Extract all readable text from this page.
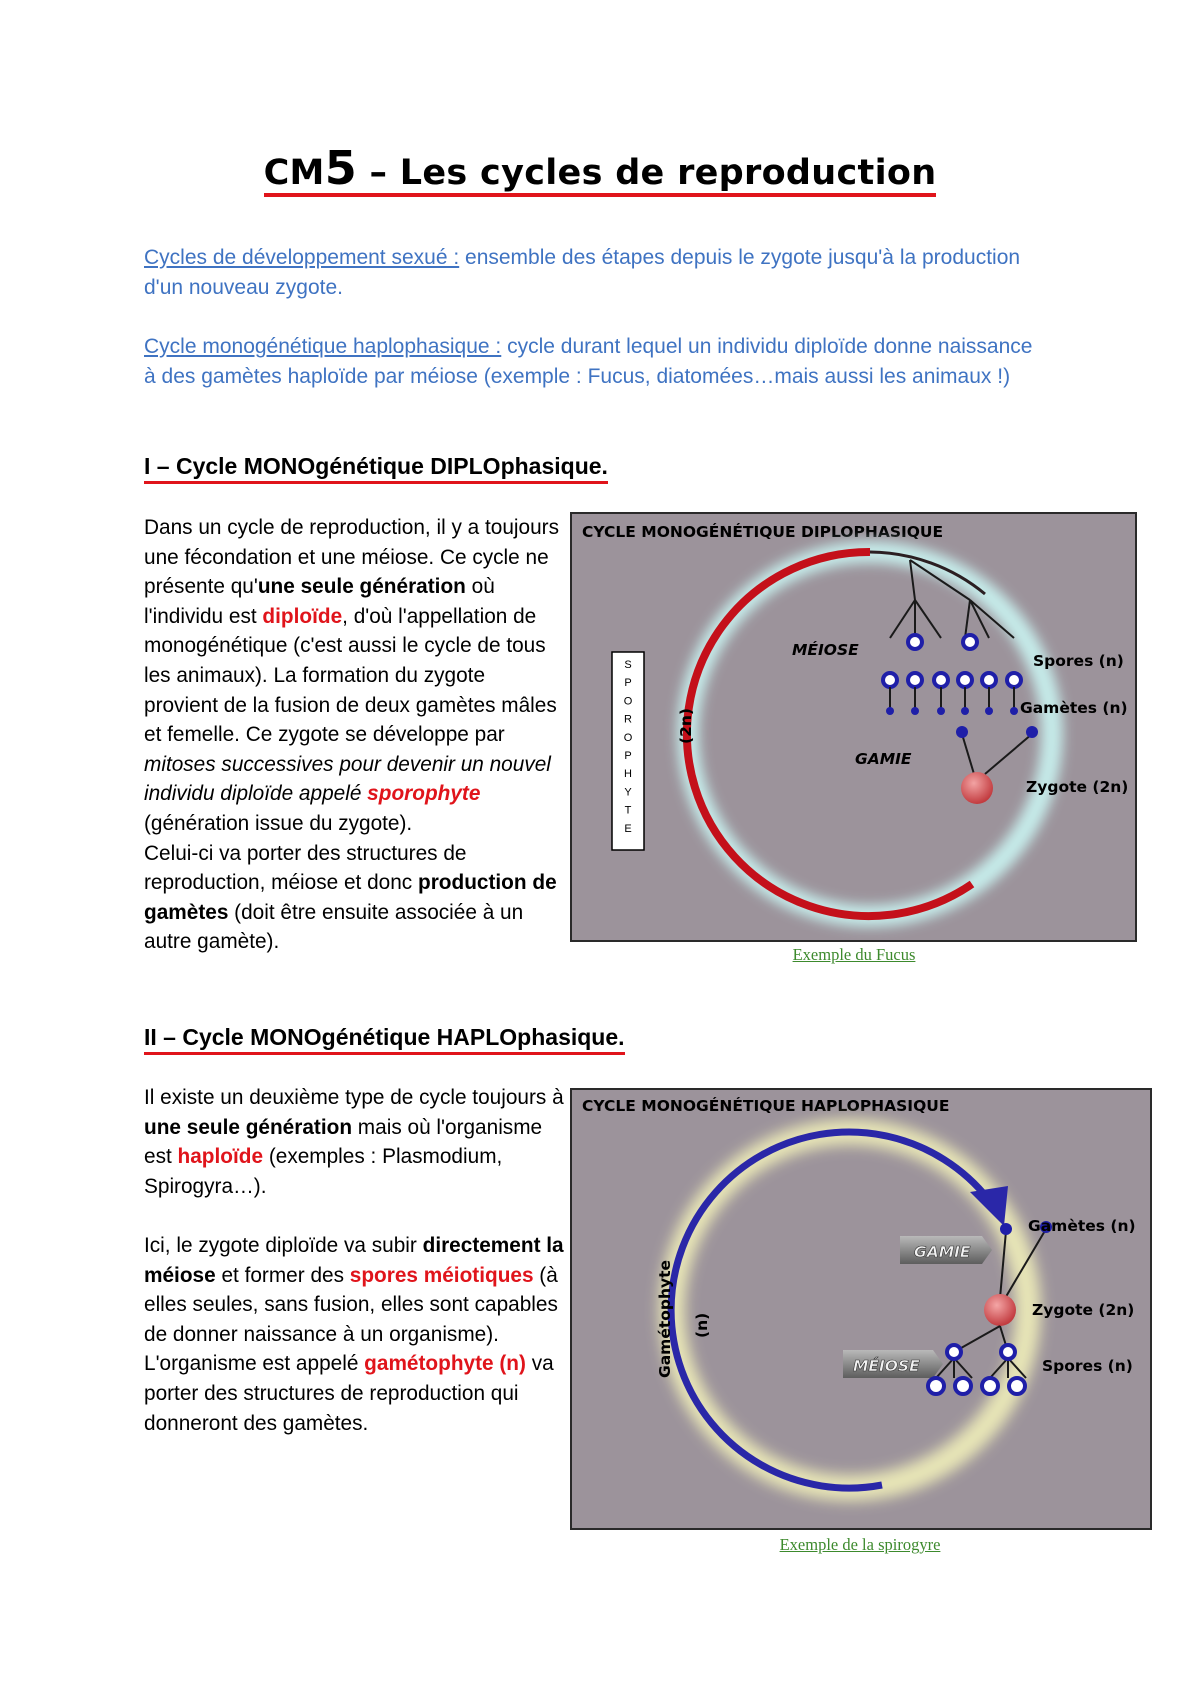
CM5 – Les cycles de reproduction
Cycles de développement sexué : ensemble des étapes depuis le zygote jusqu'à la production d'un nouveau zygote.
Cycle monogénétique haplophasique : cycle durant lequel un individu diploïde donne naissance à des gamètes haploïde par méiose (exemple : Fucus, diatomées…mais aussi les animaux !)
I – Cycle MONOgénétique DIPLOphasique.

Dans un cycle de reproduction, il y a toujours une fécondation et une méiose. Ce cycle ne présente qu'une seule génération où l'individu est diploïde, d'où l'appellation de monogénétique (c'est aussi le cycle de tous les animaux). La formation du zygote provient de la fusion de deux gamètes mâles et femelle. Ce zygote se développe par mitoses successives pour devenir un nouvel individu diploïde appelé sporophyte (génération issue du zygote).
Celui-ci va porter des structures de reproduction, méiose et donc production de gamètes (doit être ensuite associée à un autre gamète).

CYCLE MONOGÉNÉTIQUE DIPLOPHASIQUE
MÉIOSE
GAMIE
Spores (n)
Gamètes (n)
Zygote (2n)
(2n)
S
P
O
R
O
P
H
Y
T
E
Exemple du Fucus
II – Cycle MONOgénétique HAPLOphasique.

Il existe un deuxième type de cycle toujours à une seule génération mais où l'organisme est haploïde (exemples : Plasmodium, Spirogyra…).

Ici, le zygote diploïde va subir directement la méiose et former des spores méiotiques (à elles seules, sans fusion, elles sont capables de donner naissance à un organisme).
L'organisme est appelé gamétophyte (n) va porter des structures de reproduction qui donneront des gamètes.

CYCLE MONOGÉNÉTIQUE HAPLOPHASIQUE
Gamétophyte (n)
GAMIE
MÉIOSE
Gamètes (n)
Zygote (2n)
Spores (n)
Exemple de la spirogyre
